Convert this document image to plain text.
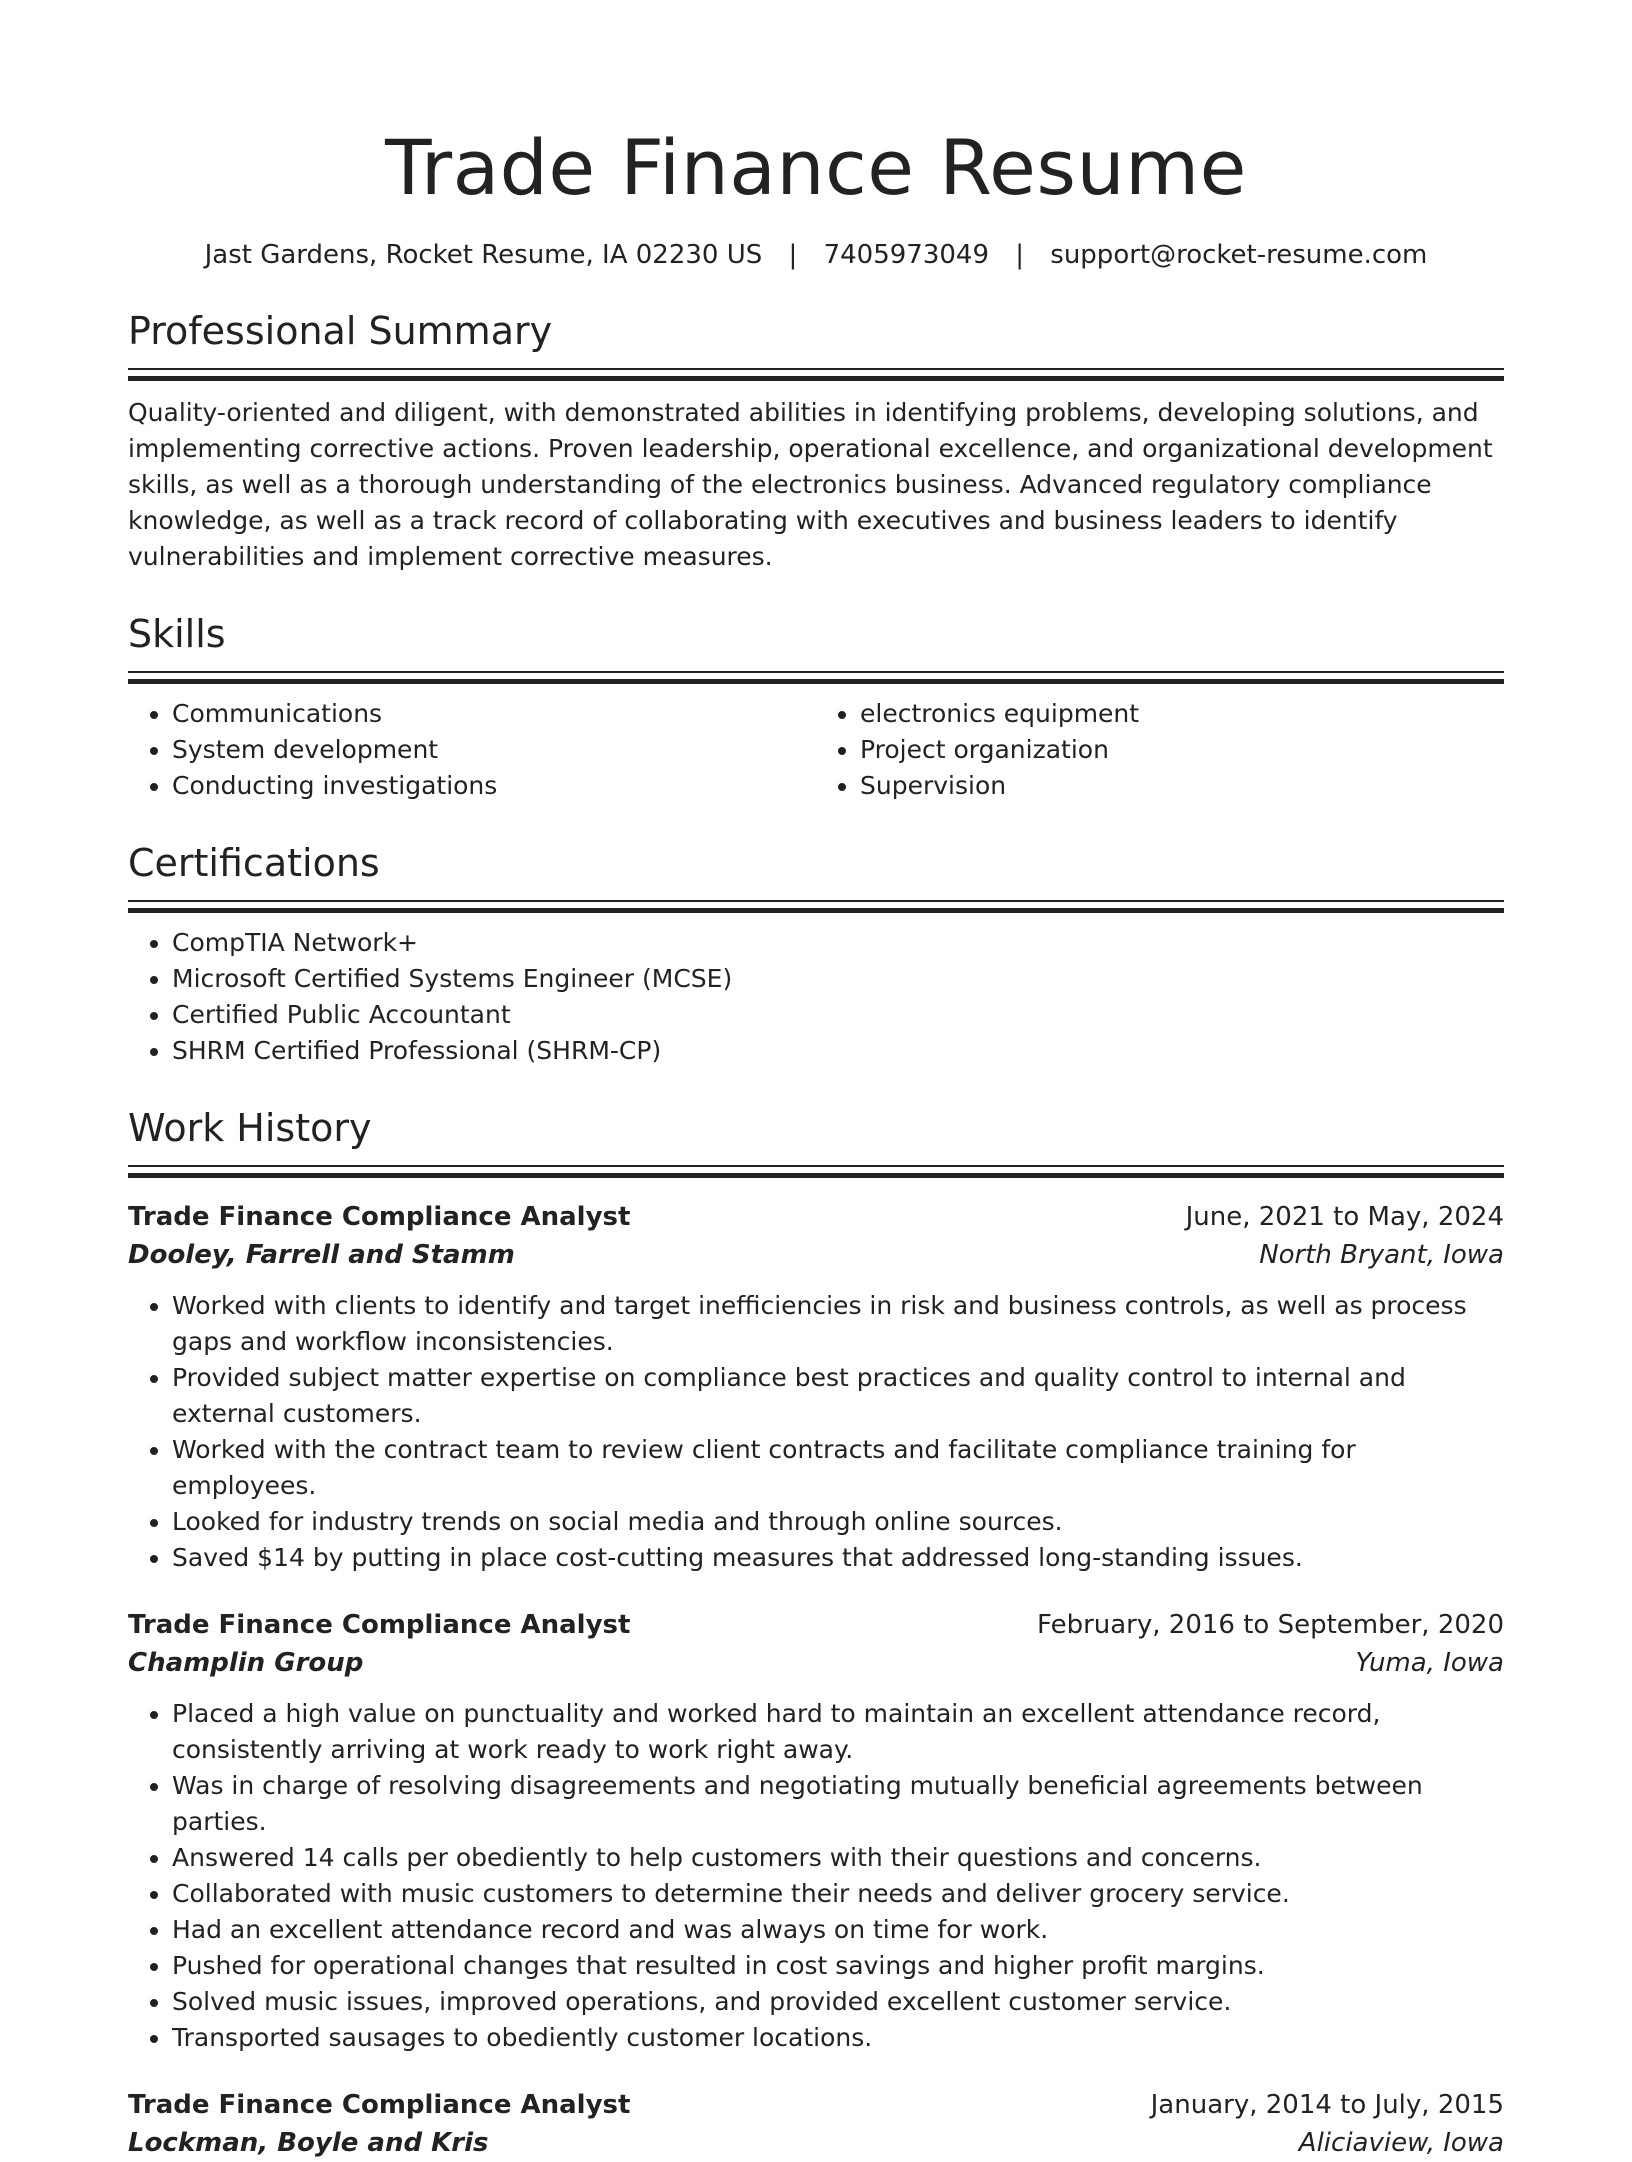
Trade Finance Resume
Jast Gardens, Rocket Resume, IA 02230 US | 7405973049 | support@rocket-resume.com
Professional Summary

Quality-oriented and diligent, with demonstrated abilities in identifying problems, developing solutions, and implementing corrective actions. Proven leadership, operational excellence, and organizational development skills, as well as a thorough understanding of the electronics business. Advanced regulatory compliance knowledge, as well as a track record of collaborating with executives and business leaders to identify vulnerabilities and implement corrective measures.

Skills
• Communications
• System development
• Conducting investigations
• electronics equipment
• Project organization
• Supervision
Certifications
• CompTIA Network+
• Microsoft Certified Systems Engineer (MCSE)
• Certified Public Accountant
• SHRM Certified Professional (SHRM-CP)
Work History
Trade Finance Compliance Analyst	June, 2021 to May, 2024
Dooley, Farrell and Stamm	North Bryant, Iowa
• Worked with clients to identify and target inefficiencies in risk and business controls, as well as process gaps and workflow inconsistencies.
• Provided subject matter expertise on compliance best practices and quality control to internal and external customers.
• Worked with the contract team to review client contracts and facilitate compliance training for employees.
• Looked for industry trends on social media and through online sources.
• Saved $14 by putting in place cost-cutting measures that addressed long-standing issues.
Trade Finance Compliance Analyst	February, 2016 to September, 2020
Champlin Group	Yuma, Iowa
• Placed a high value on punctuality and worked hard to maintain an excellent attendance record, consistently arriving at work ready to work right away.
• Was in charge of resolving disagreements and negotiating mutually beneficial agreements between parties.
• Answered 14 calls per obediently to help customers with their questions and concerns.
• Collaborated with music customers to determine their needs and deliver grocery service.
• Had an excellent attendance record and was always on time for work.
• Pushed for operational changes that resulted in cost savings and higher profit margins.
• Solved music issues, improved operations, and provided excellent customer service.
• Transported sausages to obediently customer locations.
Trade Finance Compliance Analyst	January, 2014 to July, 2015
Lockman, Boyle and Kris	Aliciaview, Iowa
